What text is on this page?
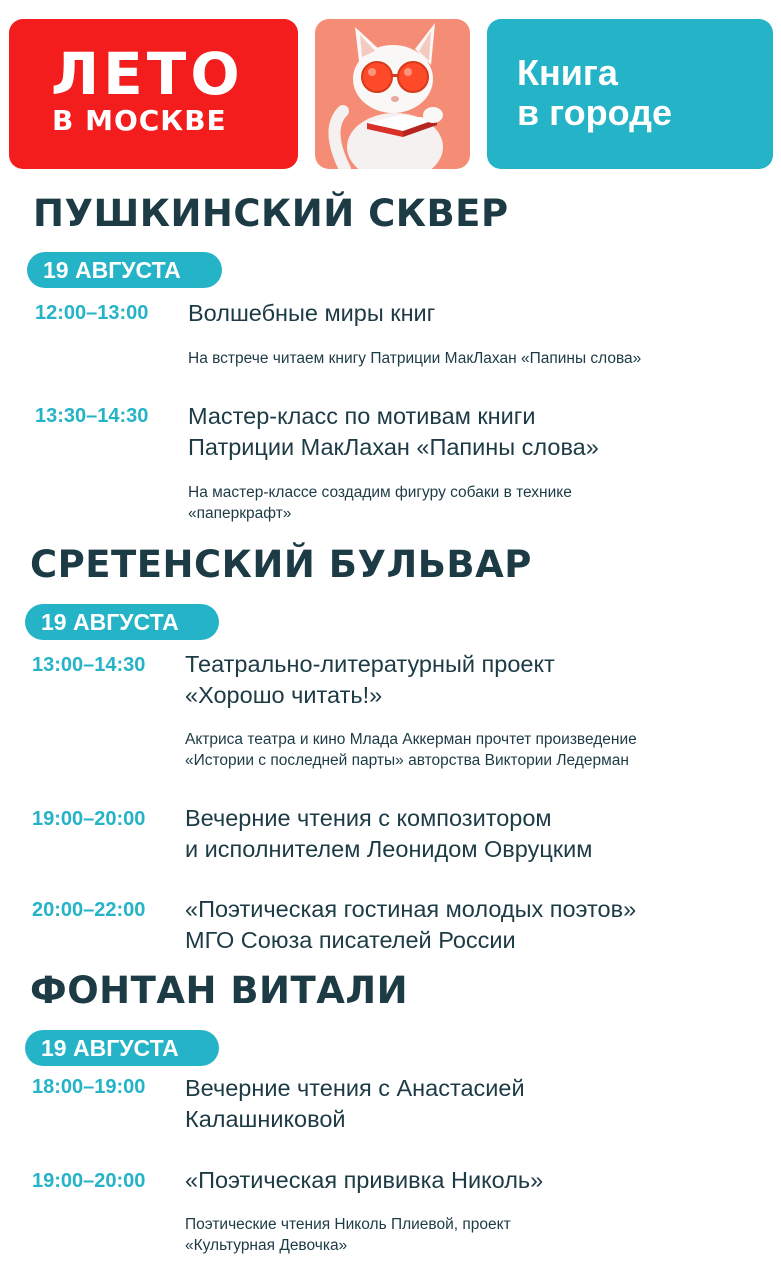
ЛЕТО
В МОСКВЕ
Книга
в городе
ПУШКИНСКИЙ СКВЕР
19 АВГУСТА
12:00–13:00 Волшебные миры книг
На встрече читаем книгу Патриции МакЛахан «Папины слова»
13:30–14:30 Мастер-класс по мотивам книги
Патриции МакЛахан «Папины слова»
На мастер-классе создадим фигуру собаки в технике
«паперкрафт»
СРЕТЕНСКИЙ БУЛЬВАР
19 АВГУСТА
13:00–14:30 Театрально-литературный проект
«Хорошо читать!»
Актриса театра и кино Млада Аккерман прочтет произведение
«Истории с последней парты» авторства Виктории Ледерман
19:00–20:00 Вечерние чтения с композитором
и исполнителем Леонидом Овруцким
20:00–22:00 «Поэтическая гостиная молодых поэтов»
МГО Союза писателей России
ФОНТАН ВИТАЛИ
19 АВГУСТА
18:00–19:00 Вечерние чтения с Анастасией
Калашниковой
19:00–20:00 «Поэтическая прививка Николь»
Поэтические чтения Николь Плиевой, проект
«Культурная Девочка»
